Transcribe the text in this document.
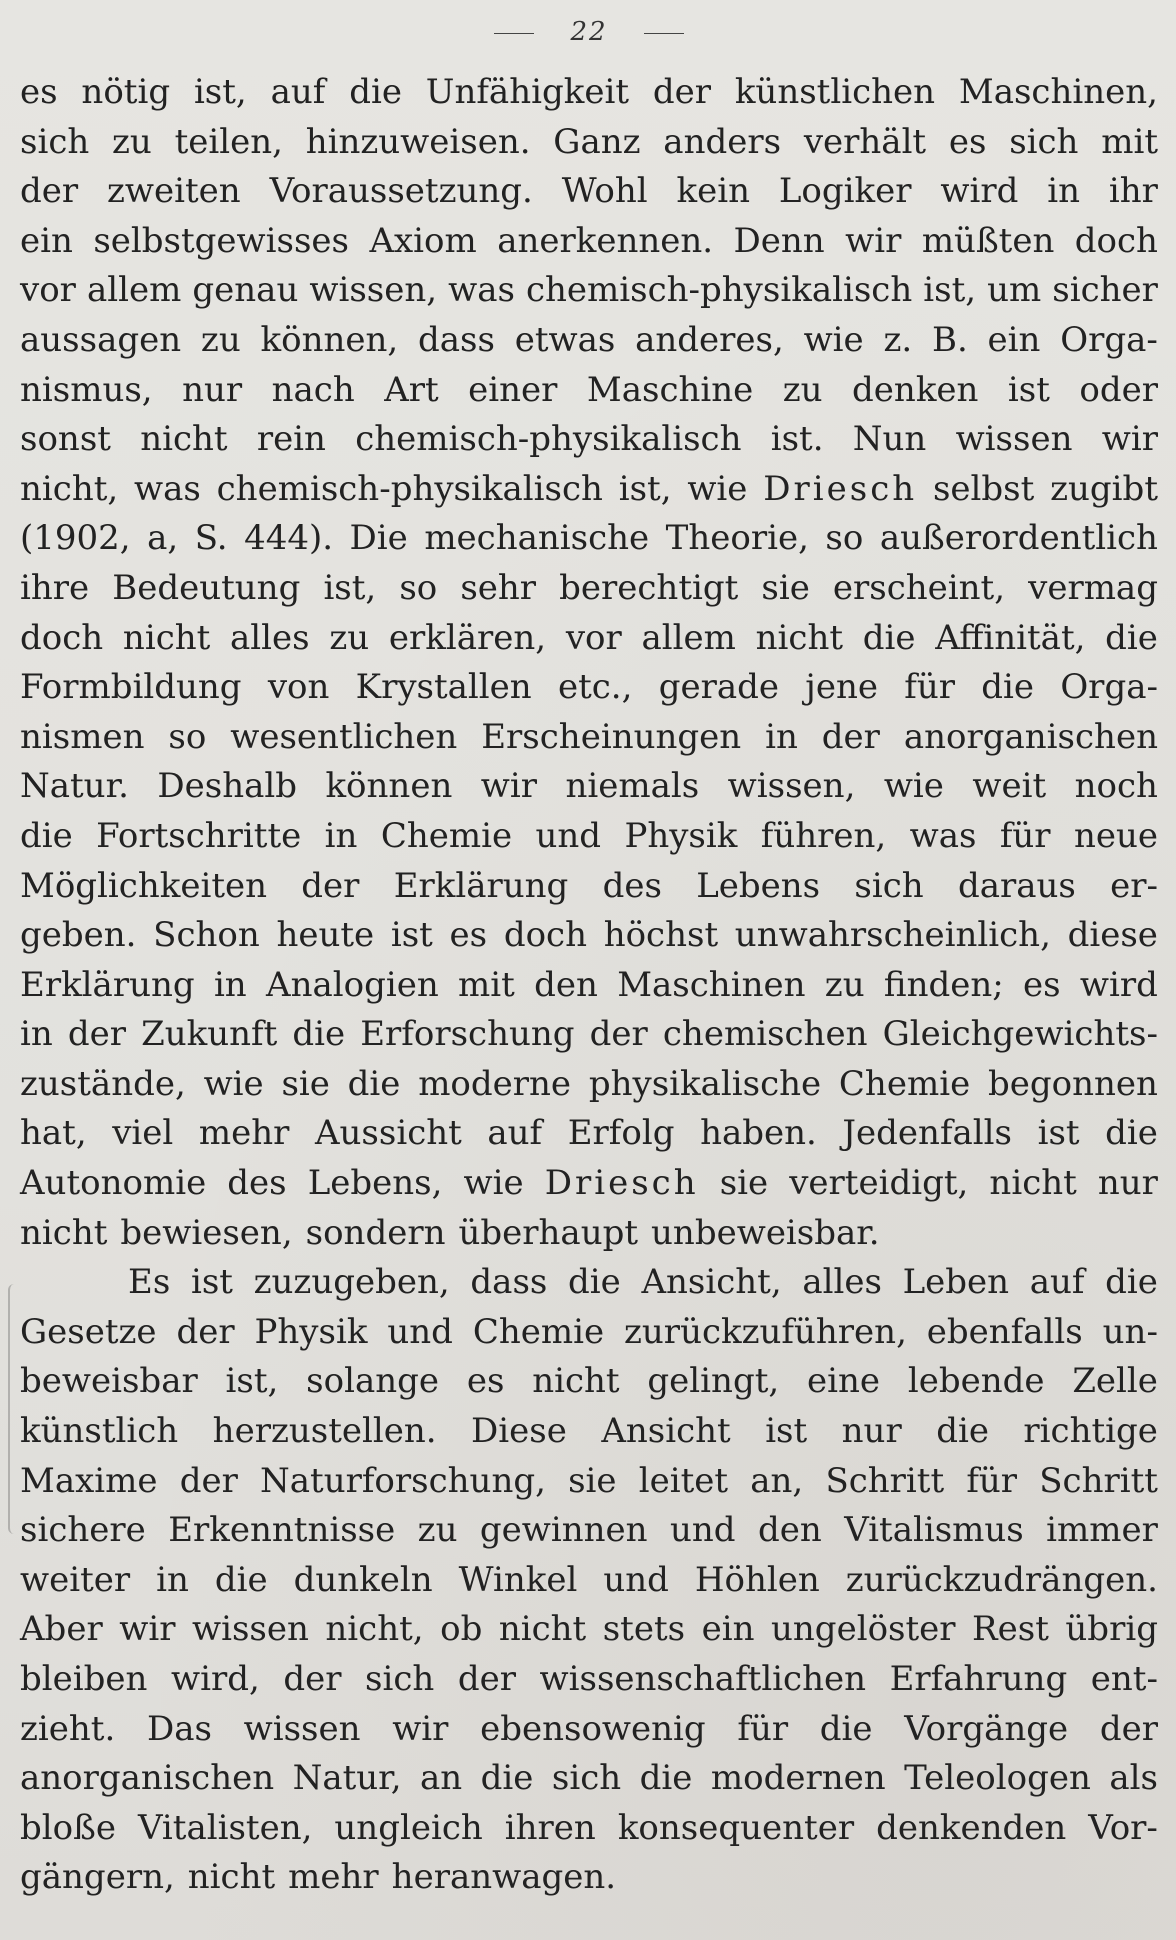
22
es nötig ist, auf die Unfähigkeit der künstlichen Maschinen,
sich zu teilen, hinzuweisen. Ganz anders verhält es sich mit
der zweiten Voraussetzung. Wohl kein Logiker wird in ihr
ein selbstgewisses Axiom anerkennen. Denn wir müßten doch
vor allem genau wissen, was chemisch-physikalisch ist, um sicher
aussagen zu können, dass etwas anderes, wie z. B. ein Orga-
nismus, nur nach Art einer Maschine zu denken ist oder
sonst nicht rein chemisch-physikalisch ist. Nun wissen wir
nicht, was chemisch-physikalisch ist, wie Driesch selbst zugibt
(1902, a, S. 444). Die mechanische Theorie, so außerordentlich
ihre Bedeutung ist, so sehr berechtigt sie erscheint, vermag
doch nicht alles zu erklären, vor allem nicht die Affinität, die
Formbildung von Krystallen etc., gerade jene für die Orga-
nismen so wesentlichen Erscheinungen in der anorganischen
Natur. Deshalb können wir niemals wissen, wie weit noch
die Fortschritte in Chemie und Physik führen, was für neue
Möglichkeiten der Erklärung des Lebens sich daraus er-
geben. Schon heute ist es doch höchst unwahrscheinlich, diese
Erklärung in Analogien mit den Maschinen zu finden; es wird
in der Zukunft die Erforschung der chemischen Gleichgewichts-
zustände, wie sie die moderne physikalische Chemie begonnen
hat, viel mehr Aussicht auf Erfolg haben. Jedenfalls ist die
Autonomie des Lebens, wie Driesch sie verteidigt, nicht nur
nicht bewiesen, sondern überhaupt unbeweisbar.
Es ist zuzugeben, dass die Ansicht, alles Leben auf die
Gesetze der Physik und Chemie zurückzuführen, ebenfalls un-
beweisbar ist, solange es nicht gelingt, eine lebende Zelle
künstlich herzustellen. Diese Ansicht ist nur die richtige
Maxime der Naturforschung, sie leitet an, Schritt für Schritt
sichere Erkenntnisse zu gewinnen und den Vitalismus immer
weiter in die dunkeln Winkel und Höhlen zurückzudrängen.
Aber wir wissen nicht, ob nicht stets ein ungelöster Rest übrig
bleiben wird, der sich der wissenschaftlichen Erfahrung ent-
zieht. Das wissen wir ebensowenig für die Vorgänge der
anorganischen Natur, an die sich die modernen Teleologen als
bloße Vitalisten, ungleich ihren konsequenter denkenden Vor-
gängern, nicht mehr heranwagen.
